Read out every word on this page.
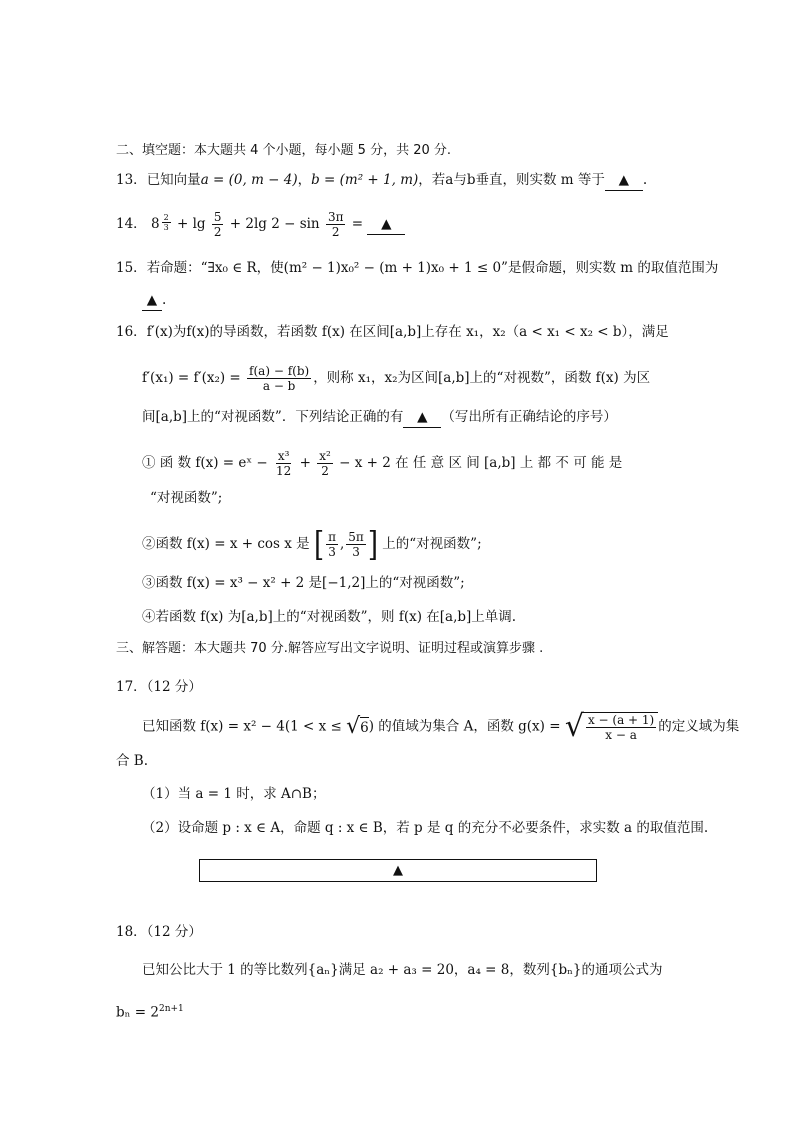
二、填空题：本大题共 4 个小题，每小题 5 分，共 20 分.
13．已知向量a = (0, m − 4)，b = (m² + 1, m)，若a与b垂直，则实数 m 等于 ▲ .
14． $8 \frac{2}{3} + \lg \frac{5}{2} + 2\lg$ $2 - \sin \frac{3\pi}{2}$ = ▲
15．若命题：“∃x₀ ∈ R，使(m² − 1)x₀² − (m + 1)x₀ + 1 ≤ 0”是假命题，则实数 m 的取值范围为
▲ .
16．f′(x)为f(x)的导函数，若函数 f(x) 在区间[a,b]上存在 x₁，x₂（a < x₁ < x₂ < b），满足
$f'(x_1) = f'(x_2) = \frac{f(a) - f(b)}{a - b}$ ，则称 x₁，x₂为区间[a,b]上的“对视数”，函数 f(x) 为区
间[a,b]上的“对视函数”．下列结论正确的有 ▲ （写出所有正确结论的序号）
① 函 数 f(x) = eˣ − $\frac{\text{x³}}{12} + \frac{\text{x²}}{2} - x + 2$ 在 任 意 区 间 [a,b] 上 都 不 可 能 是
“对视函数”;
②函数 f(x) = x + cos x 是 [ $\frac{\pi}{3}$ , $\frac{5\pi}{3}$ ] 上的“对视函数”;
③函数 f(x) = x³ − x² + 2 是[−1,2]上的“对视函数”;
④若函数 f(x) 为[a,b]上的“对视函数”，则 f(x) 在[a,b]上单调.
三、解答题：本大题共 70 分.解答应写出文字说明、证明过程或演算步骤 .
17．（12 分）
已知函数 f(x) = x² − 4(1 < x ≤ √ 6 ) 的值域为集合 A，函数 g(x) = √ $\frac{x - (a + 1)}{x - a}$ 的定义域为集
合 B.
（1）当 a = 1 时，求 A∩B；
（2）设命题 p : x ∈ A，命题 q : x ∈ B，若 p 是 q 的充分不必要条件，求实数 a 的取值范围.
▲
18．（12 分）
已知公比大于 1 的等比数列{aₙ}满足 a₂ + a₃ = 20，a₄ = 8，数列{bₙ}的通项公式为
$b_n = 2^{2n+1}$
